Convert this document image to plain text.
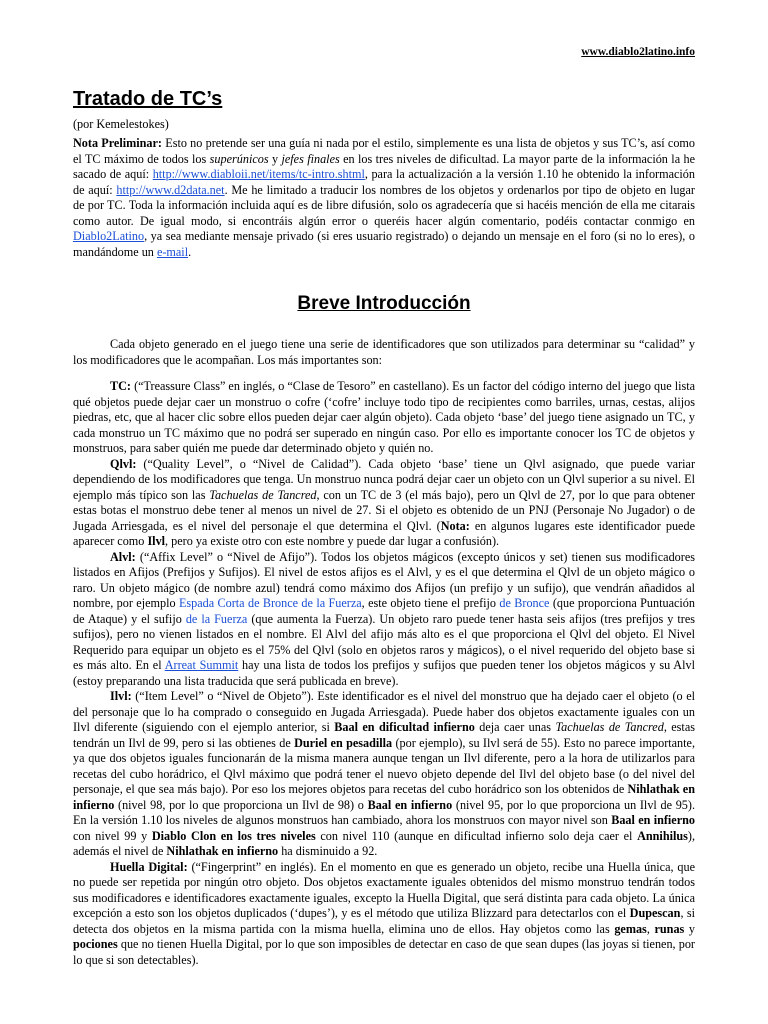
www.diablo2latino.info
Tratado de TC’s
(por Kemelestokes)

Nota Preliminar: Esto no pretende ser una guía ni nada por el estilo, simplemente es una lista de objetos y sus TC’s, así como el TC máximo de todos los superúnicos y jefes finales en los tres niveles de dificultad. La mayor parte de la información la he sacado de aquí: http://www.diabloii.net/items/tc-intro.shtml, para la actualización a la versión 1.10 he obtenido la información de aquí: http://www.d2data.net. Me he limitado a traducir los nombres de los objetos y ordenarlos por tipo de objeto en lugar de por TC. Toda la información incluida aquí es de libre difusión, solo os agradecería que si hacéis mención de ella me citarais como autor. De igual modo, si encontráis algún error o queréis hacer algún comentario, podéis contactar conmigo en Diablo2Latino, ya sea mediante mensaje privado (si eres usuario registrado) o dejando un mensaje en el foro (si no lo eres), o mandándome un e-mail.

Breve Introducción

Cada objeto generado en el juego tiene una serie de identificadores que son utilizados para determinar su “calidad” y los modificadores que le acompañan. Los más importantes son:

TC: (“Treassure Class” en inglés, o “Clase de Tesoro” en castellano). Es un factor del código interno del juego que lista qué objetos puede dejar caer un monstruo o cofre (‘cofre’ incluye todo tipo de recipientes como barriles, urnas, cestas, alijos piedras, etc, que al hacer clic sobre ellos pueden dejar caer algún objeto). Cada objeto ‘base’ del juego tiene asignado un TC, y cada monstruo un TC máximo que no podrá ser superado en ningún caso. Por ello es importante conocer los TC de objetos y monstruos, para saber quién me puede dar determinado objeto y quién no.

Qlvl: (“Quality Level”, o “Nivel de Calidad”). Cada objeto ‘base’ tiene un Qlvl asignado, que puede variar dependiendo de los modificadores que tenga. Un monstruo nunca podrá dejar caer un objeto con un Qlvl superior a su nivel. El ejemplo más típico son las Tachuelas de Tancred, con un TC de 3 (el más bajo), pero un Qlvl de 27, por lo que para obtener estas botas el monstruo debe tener al menos un nivel de 27. Si el objeto es obtenido de un PNJ (Personaje No Jugador) o de Jugada Arriesgada, es el nivel del personaje el que determina el Qlvl. (Nota: en algunos lugares este identificador puede aparecer como Ilvl, pero ya existe otro con este nombre y puede dar lugar a confusión).

Alvl: (“Affix Level” o “Nivel de Afijo”). Todos los objetos mágicos (excepto únicos y set) tienen sus modificadores listados en Afijos (Prefijos y Sufijos). El nivel de estos afijos es el Alvl, y es el que determina el Qlvl de un objeto mágico o raro. Un objeto mágico (de nombre azul) tendrá como máximo dos Afijos (un prefijo y un sufijo), que vendrán añadidos al nombre, por ejemplo Espada Corta de Bronce de la Fuerza, este objeto tiene el prefijo de Bronce (que proporciona Puntuación de Ataque) y el sufijo de la Fuerza (que aumenta la Fuerza). Un objeto raro puede tener hasta seis afijos (tres prefijos y tres sufijos), pero no vienen listados en el nombre. El Alvl del afijo más alto es el que proporciona el Qlvl del objeto. El Nivel Requerido para equipar un objeto es el 75% del Qlvl (solo en objetos raros y mágicos), o el nivel requerido del objeto base si es más alto. En el Arreat Summit hay una lista de todos los prefijos y sufijos que pueden tener los objetos mágicos y su Alvl (estoy preparando una lista traducida que será publicada en breve).

Ilvl: (“Item Level” o “Nivel de Objeto”). Este identificador es el nivel del monstruo que ha dejado caer el objeto (o el del personaje que lo ha comprado o conseguido en Jugada Arriesgada). Puede haber dos objetos exactamente iguales con un Ilvl diferente (siguiendo con el ejemplo anterior, si Baal en dificultad infierno deja caer unas Tachuelas de Tancred, estas tendrán un Ilvl de 99, pero si las obtienes de Duriel en pesadilla (por ejemplo), su Ilvl será de 55). Esto no parece importante, ya que dos objetos iguales funcionarán de la misma manera aunque tengan un Ilvl diferente, pero a la hora de utilizarlos para recetas del cubo horádrico, el Qlvl máximo que podrá tener el nuevo objeto depende del Ilvl del objeto base (o del nivel del personaje, el que sea más bajo). Por eso los mejores objetos para recetas del cubo horádrico son los obtenidos de Nihlathak en infierno (nivel 98, por lo que proporciona un Ilvl de 98) o Baal en infierno (nivel 95, por lo que proporciona un Ilvl de 95). En la versión 1.10 los niveles de algunos monstruos han cambiado, ahora los monstruos con mayor nivel son Baal en infierno con nivel 99 y Diablo Clon en los tres niveles con nivel 110 (aunque en dificultad infierno solo deja caer el Annihilus), además el nivel de Nihlathak en infierno ha disminuido a 92.

Huella Digital: (“Fingerprint” en inglés). En el momento en que es generado un objeto, recibe una Huella única, que no puede ser repetida por ningún otro objeto. Dos objetos exactamente iguales obtenidos del mismo monstruo tendrán todos sus modificadores e identificadores exactamente iguales, excepto la Huella Digital, que será distinta para cada objeto. La única excepción a esto son los objetos duplicados (‘dupes’), y es el método que utiliza Blizzard para detectarlos con el Dupescan, si detecta dos objetos en la misma partida con la misma huella, elimina uno de ellos. Hay objetos como las gemas, runas y pociones que no tienen Huella Digital, por lo que son imposibles de detectar en caso de que sean dupes (las joyas si tienen, por lo que si son detectables).
